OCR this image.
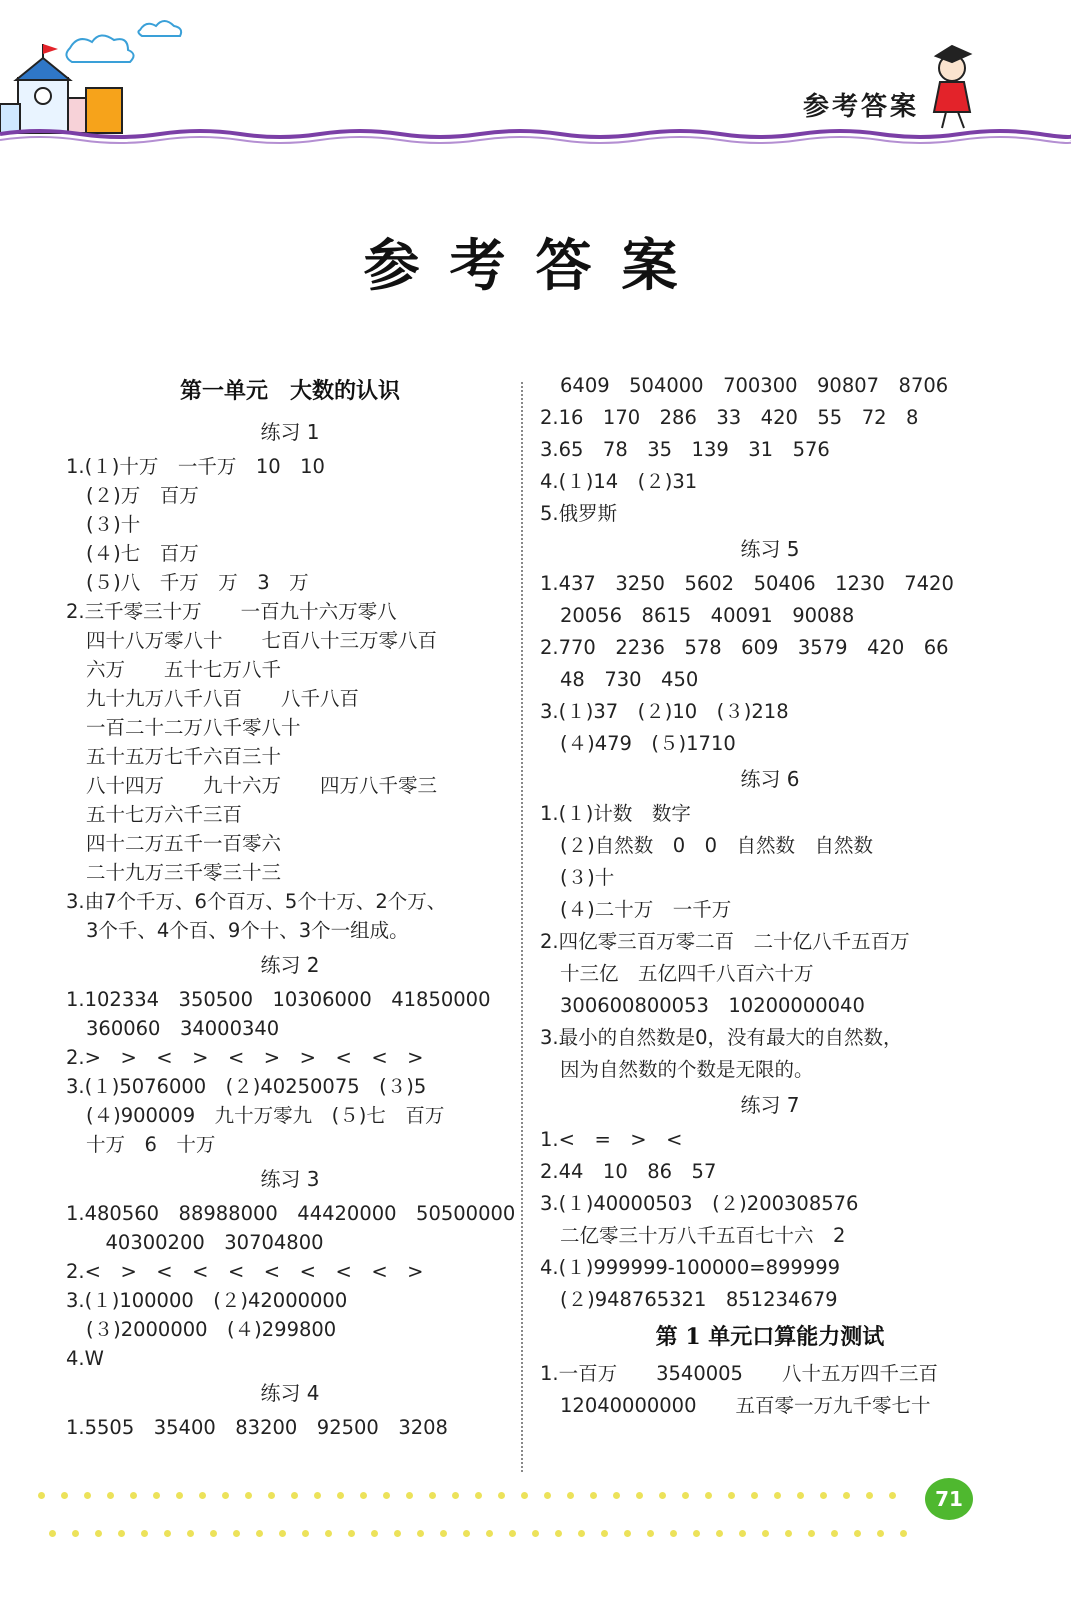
参考答案
参考答案
第一单元　大数的认识
练习 1
1.(１)十万　一千万　10　10
(２)万　百万
(３)十
(４)七　百万
(５)八　千万　万　3　万
2.三千零三十万　　一百九十六万零八
四十八万零八十　　七百八十三万零八百
六万　　五十七万八千
九十九万八千八百　　八千八百
一百二十二万八千零八十
五十五万七千六百三十
八十四万　　九十六万　　四万八千零三
五十七万六千三百
四十二万五千一百零六
二十九万三千零三十三
3.由7个千万、6个百万、5个十万、2个万、
3个千、4个百、9个十、3个一组成。
练习 2
1.102334　350500　10306000　41850000
360060　34000340
2.>　>　<　>　<　>　>　<　<　>
3.(１)5076000　(２)40250075　(３)5
(４)900009　九十万零九　(５)七　百万
十万　6　十万
练习 3
1.480560　88988000　44420000　50500000
　40300200　30704800
2.<　>　<　<　<　<　<　<　<　>
3.(１)100000　(２)42000000
(３)2000000　(４)299800
4.W
练习 4
1.5505　35400　83200　92500　3208
6409　504000　700300　90807　8706
2.16　170　286　33　420　55　72　8
3.65　78　35　139　31　576
4.(１)14　(２)31
5.俄罗斯
练习 5
1.437　3250　5602　50406　1230　7420
20056　8615　40091　90088
2.770　2236　578　609　3579　420　66
48　730　450
3.(１)37　(２)10　(３)218
(４)479　(５)1710
练习 6
1.(１)计数　数字
(２)自然数　0　0　自然数　自然数
(３)十
(４)二十万　一千万
2.四亿零三百万零二百　二十亿八千五百万
十三亿　五亿四千八百六十万
300600800053　10200000040
3.最小的自然数是0，没有最大的自然数，
因为自然数的个数是无限的。
练习 7
1.<　=　>　<
2.44　10　86　57
3.(１)40000503　(２)200308576
二亿零三十万八千五百七十六　2
4.(１)999999-100000=899999
(２)948765321　851234679
第 1 单元口算能力测试
1.一百万　　3540005　　八十五万四千三百
12040000000　　五百零一万九千零七十
71
